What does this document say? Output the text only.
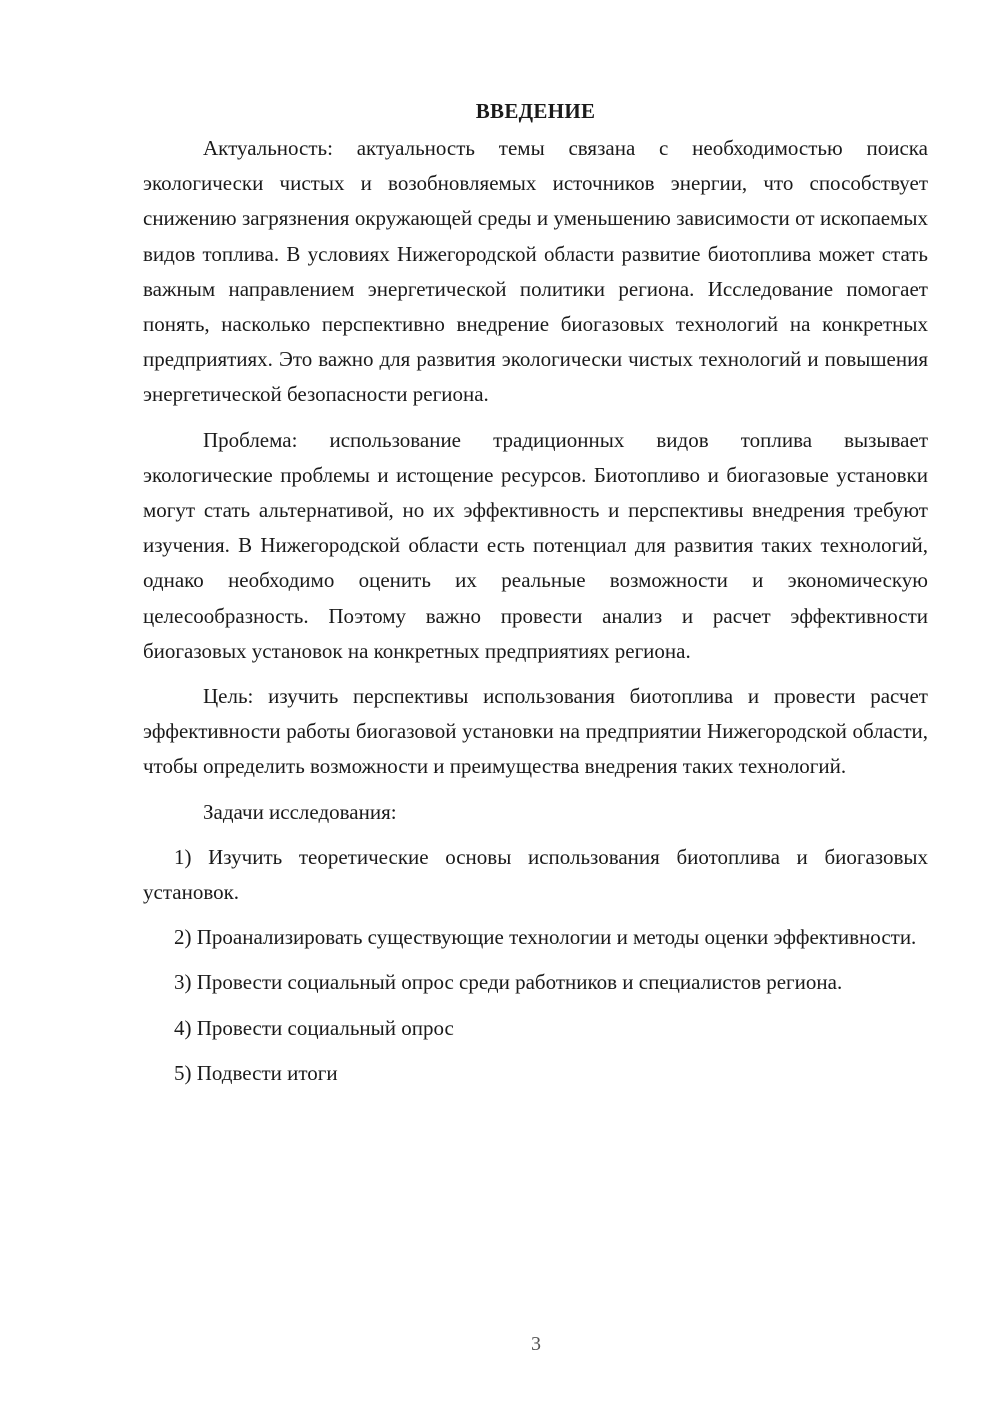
ВВЕДЕНИЕ

Актуальность: актуальность темы связана с необходимостью поиска экологически чистых и возобновляемых источников энергии, что способствует снижению загрязнения окружающей среды и уменьшению зависимости от ископаемых видов топлива. В условиях Нижегородской области развитие биотоплива может стать важным направлением энергетической политики региона. Исследование помогает понять, насколько перспективно внедрение биогазовых технологий на конкретных предприятиях. Это важно для развития экологически чистых технологий и повышения энергетической безопасности региона.

Проблема: использование традиционных видов топлива вызывает экологические проблемы и истощение ресурсов. Биотопливо и биогазовые установки могут стать альтернативой, но их эффективность и перспективы внедрения требуют изучения. В Нижегородской области есть потенциал для развития таких технологий, однако необходимо оценить их реальные возможности и экономическую целесообразность. Поэтому важно провести анализ и расчет эффективности биогазовых установок на конкретных предприятиях региона.

Цель: изучить перспективы использования биотоплива и провести расчет эффективности работы биогазовой установки на предприятии Нижегородской области, чтобы определить возможности и преимущества внедрения таких технологий.

Задачи исследования:

1) Изучить теоретические основы использования биотоплива и биогазовых установок.

2) Проанализировать существующие технологии и методы оценки эффективности.

3) Провести социальный опрос среди работников и специалистов региона.

4) Провести социальный опрос

5) Подвести итоги

3
